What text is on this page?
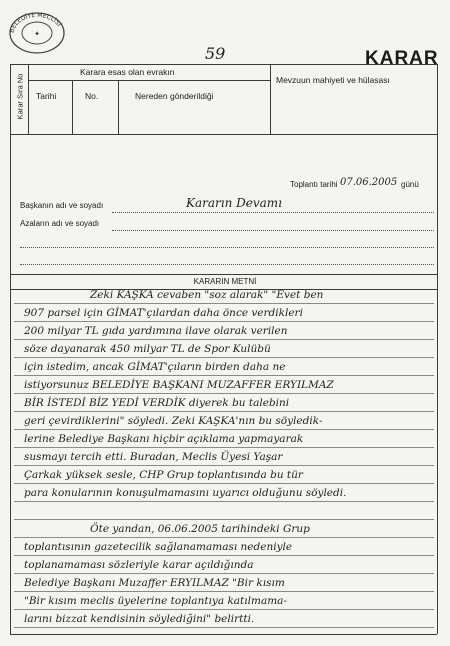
59	KARAR
BELEDİYE MECLİSİ
✦
Karar Sıra No
Karara esas olan evrakın
Tarihi	No.	Nereden gönderildiği
Mevzuun mahiyeti ve hülasası
Toplantı tarihi 07.06.2005 günü
Başkanın adı ve soyadı	Kararın Devamı
Azaların adı ve soyadı
KARARIN METNİ
Zeki KAŞKA cevaben "soz alarak" "Evet ben
907 parsel için GİMAT'çılardan daha önce verdikleri
200 milyar TL gıda yardımına ilave olarak verilen
söze dayanarak 450 milyar TL de Spor Kulübü
için istedim, ancak GİMAT'çıların birden daha ne
istiyorsunuz BELEDİYE BAŞKANI MUZAFFER ERYILMAZ
BİR İSTEDİ BİZ YEDİ VERDİK diyerek bu talebini
geri çevirdiklerini" söyledi. Zeki KAŞKA'nın bu söyledik-
lerine Belediye Başkanı hiçbir açıklama yapmayarak
susmayı tercih etti. Buradan, Meclis Üyesi Yaşar
Çarkak yüksek sesle, CHP Grup toplantısında bu tür
para konularının konuşulmamasını uyarıcı olduğunu söyledi.
Öte yandan, 06.06.2005 tarihindeki Grup
toplantısının gazetecilik sağlanamaması nedeniyle
toplanamaması sözleriyle karar açıldığında
Belediye Başkanı Muzaffer ERYILMAZ "Bir kısım
"Bir kısım meclis üyelerine toplantıya katılmama-
larını bizzat kendisinin söylediğini" belirtti.
